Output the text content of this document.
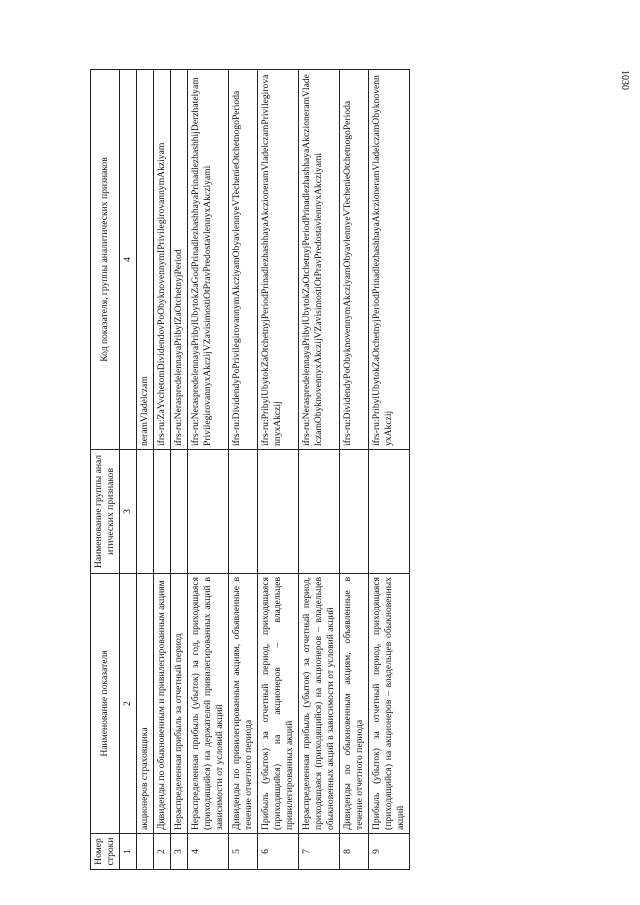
1030
Номер строки	Наименование показателя	Наименование группы аналитических признаков	Код показателя, группы аналитических признаков
1	2	3	4
	акционеров страховщика		neramVladelczam
2	Дивиденды по обыкновенным и привилегированным акциям		ifrs-ru:ZaYvchetomDividendovPoObyknovennymIPrivilegirovannymAkziyam
3	Нераспределенная прибыль за отчетный период		ifrs-ru:NeraspredelennayaPribylZaOtchetnyjPeriod
4	Нераспределенная прибыль (убыток) за год, приходящаяся (приходящийся) на держателей привилегированных акций в зависимости от условий акций		ifrs-ru:NeraspredelennayaPribylUbytokZaGodPrinadlezhashhayaPrinadlezhashhijDerzhatelyamPrivilegirovannyxAkczijVZavisimostiOtPravPredostavlennyxAkcziyami
5	Дивиденды по привилегированным акциям, объявленные в течение отчетного периода		ifrs-ru:DividendyPoPrivilegirovannymAkcziyamObyavlennyeVTechenieOtchetnogoPerioda
6	Прибыль (убыток) за отчетный период, приходящаяся (приходящийся) на акционеров – владельцев привилегированных акций		ifrs-ru:PribylUbytokZaOtchetnyjPeriodPrinadlezhashhayaAkczioneramVladelczamPrivilegirovannyxAkczij
7	Нераспределенная прибыль (убыток) за отчетный период, приходящаяся (приходящийся) на акционеров – владельцев обыкновенных акций в зависимости от условий акций		ifrs-ru:NeraspredelennayaPribylUbytokZaOtchetnyjPeriodPrinadlezhashhayaAkczioneramVladelczamObyknovennyxAkczijVZavisimostiOtPravPredostavlennyxAkcziyami
8	Дивиденды по обыкновенным акциям, объявленные в течение отчетного периода		ifrs-ru:DividendyPoObyknovennymAkcziyamObyavlennyeVTechenieOtchetnogoPerioda
9	Прибыль (убыток) за отчетный период, приходящаяся (приходящийся) на акционеров – владельцев обыкновенных акций		ifrs-ru:PribylUbytokZaOtchetnyjPeriodPrinadlezhashhayaAkczioneramVladelczamObyknovennyxAkczij
